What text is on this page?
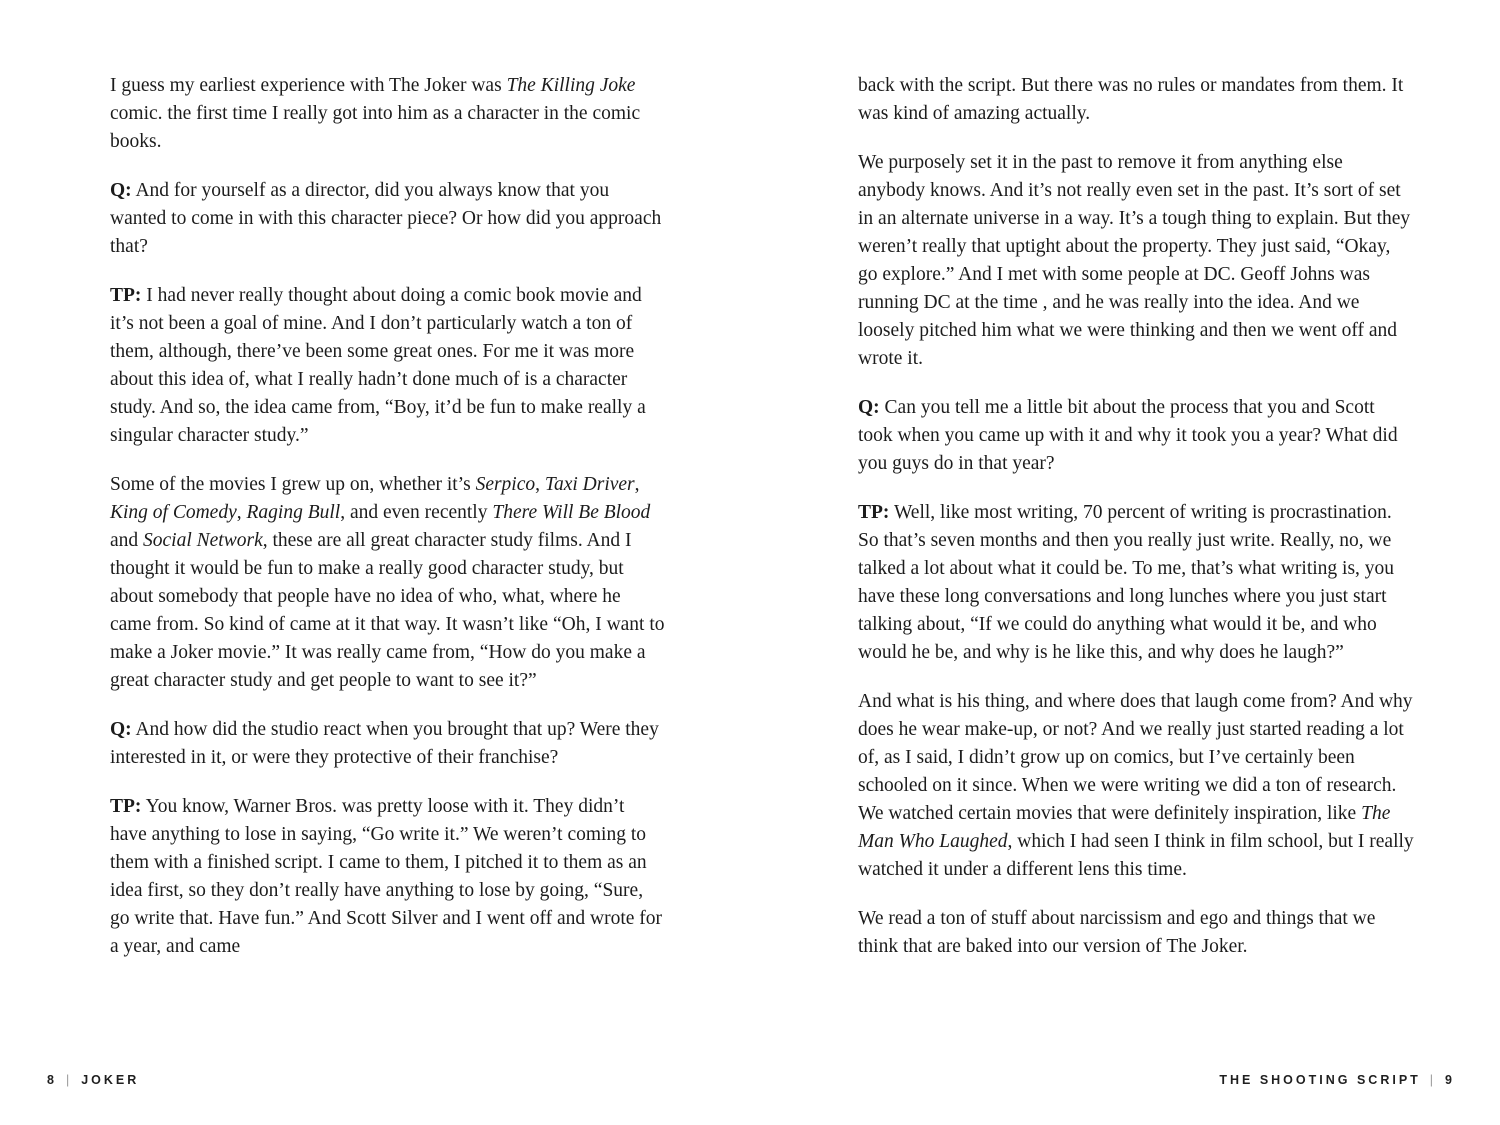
I guess my earliest experience with The Joker was The Killing Joke comic. the first time I really got into him as a character in the comic books.

Q: And for yourself as a director, did you always know that you wanted to come in with this character piece? Or how did you approach that?

TP: I had never really thought about doing a comic book movie and it’s not been a goal of mine. And I don’t particularly watch a ton of them, although, there’ve been some great ones. For me it was more about this idea of, what I really hadn’t done much of is a character study. And so, the idea came from, “Boy, it’d be fun to make really a singular character study.”

Some of the movies I grew up on, whether it’s Serpico, Taxi Driver, King of Comedy, Raging Bull, and even recently There Will Be Blood and Social Network, these are all great character study films. And I thought it would be fun to make a really good character study, but about somebody that people have no idea of who, what, where he came from. So kind of came at it that way. It wasn’t like “Oh, I want to make a Joker movie.” It was really came from, “How do you make a great character study and get people to want to see it?”

Q: And how did the studio react when you brought that up? Were they interested in it, or were they protective of their franchise?

TP: You know, Warner Bros. was pretty loose with it. They didn’t have anything to lose in saying, “Go write it.” We weren’t coming to them with a finished script. I came to them, I pitched it to them as an idea first, so they don’t really have anything to lose by going, “Sure, go write that. Have fun.” And Scott Silver and I went off and wrote for a year, and came

8 | JOKER

back with the script. But there was no rules or mandates from them. It was kind of amazing actually.

We purposely set it in the past to remove it from anything else anybody knows. And it’s not really even set in the past. It’s sort of set in an alternate universe in a way. It’s a tough thing to explain. But they weren’t really that uptight about the property. They just said, “Okay, go explore.” And I met with some people at DC. Geoff Johns was running DC at the time , and he was really into the idea. And we loosely pitched him what we were thinking and then we went off and wrote it.

Q: Can you tell me a little bit about the process that you and Scott took when you came up with it and why it took you a year? What did you guys do in that year?

TP: Well, like most writing, 70 percent of writing is procrastination. So that’s seven months and then you really just write. Really, no, we talked a lot about what it could be. To me, that’s what writing is, you have these long conversations and long lunches where you just start talking about, “If we could do anything what would it be, and who would he be, and why is he like this, and why does he laugh?”

And what is his thing, and where does that laugh come from? And why does he wear make-up, or not? And we really just started reading a lot of, as I said, I didn’t grow up on comics, but I’ve certainly been schooled on it since. When we were writing we did a ton of research. We watched certain movies that were definitely inspiration, like The Man Who Laughed, which I had seen I think in film school, but I really watched it under a different lens this time.

We read a ton of stuff about narcissism and ego and things that we think that are baked into our version of The Joker.

THE SHOOTING SCRIPT | 9
